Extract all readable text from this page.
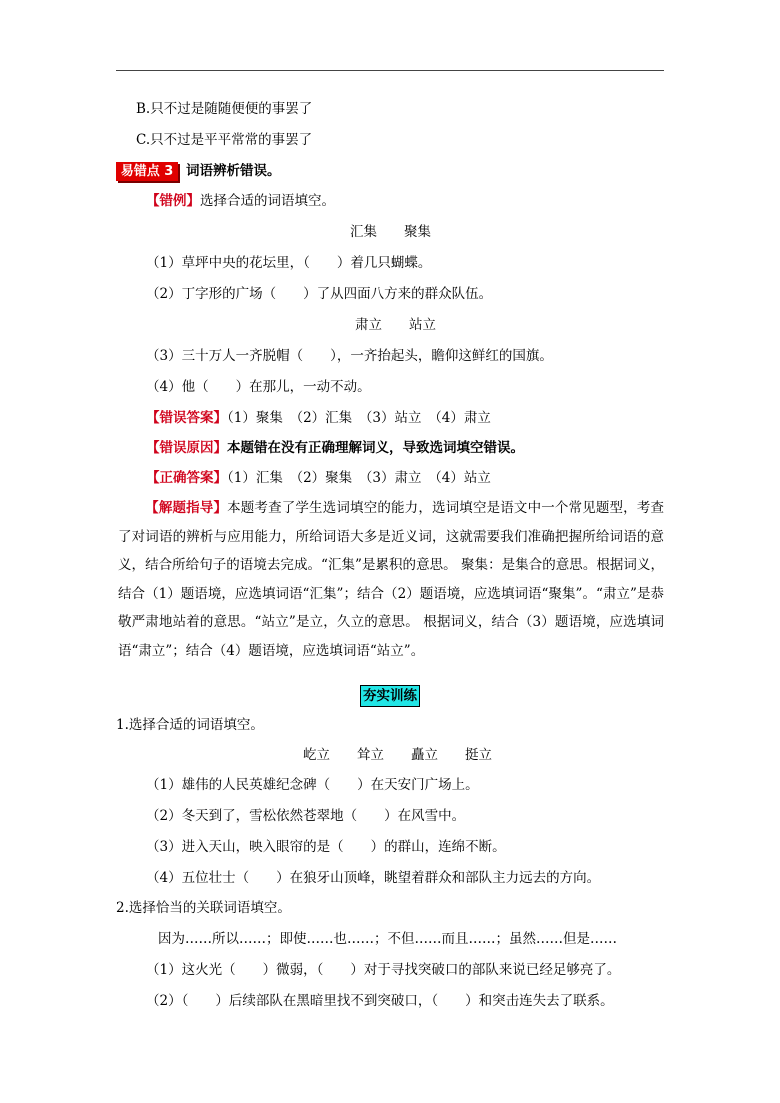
B.只不过是随随便便的事罢了
C.只不过是平平常常的事罢了
易错点 3 词语辨析错误。
【错例】选择合适的词语填空。
汇集　　聚集
（1）草坪中央的花坛里，（　　）着几只蝴蝶。
（2）丁字形的广场（　　）了从四面八方来的群众队伍。
肃立　　站立
（3）三十万人一齐脱帽（　　），一齐抬起头，瞻仰这鲜红的国旗。
（4）他（　　）在那儿，一动不动。
【错误答案】（1）聚集　（2）汇集　（3）站立　（4）肃立
【错误原因】本题错在没有正确理解词义，导致选词填空错误。
【正确答案】（1）汇集　（2）聚集　（3）肃立　（4）站立
【解题指导】本题考查了学生选词填空的能力，选词填空是语文中一个常见题型，考查了对词语的辨析与应用能力，所给词语大多是近义词，这就需要我们准确把握所给词语的意义，结合所给句子的语境去完成。“汇集”是累积的意思。 聚集：是集合的意思。根据词义，结合（1）题语境，应选填词语“汇集”；结合（2）题语境，应选填词语“聚集”。“肃立”是恭敬严肃地站着的意思。“站立”是立，久立的意思。 根据词义，结合（3）题语境，应选填词语“肃立”；结合（4）题语境，应选填词语“站立”。
夯实训练
1.选择合适的词语填空。
屹立　　耸立　　矗立　　挺立
（1）雄伟的人民英雄纪念碑（　　）在天安门广场上。
（2）冬天到了，雪松依然苍翠地（　　）在风雪中。
（3）进入天山，映入眼帘的是（　　）的群山，连绵不断。
（4）五位壮士（　　）在狼牙山顶峰，眺望着群众和部队主力远去的方向。
2.选择恰当的关联词语填空。
因为……所以……；即使……也……；不但……而且……；虽然……但是……
（1）这火光（　　）微弱，（　　）对于寻找突破口的部队来说已经足够亮了。
（2）（　　）后续部队在黑暗里找不到突破口，（　　）和突击连失去了联系。
